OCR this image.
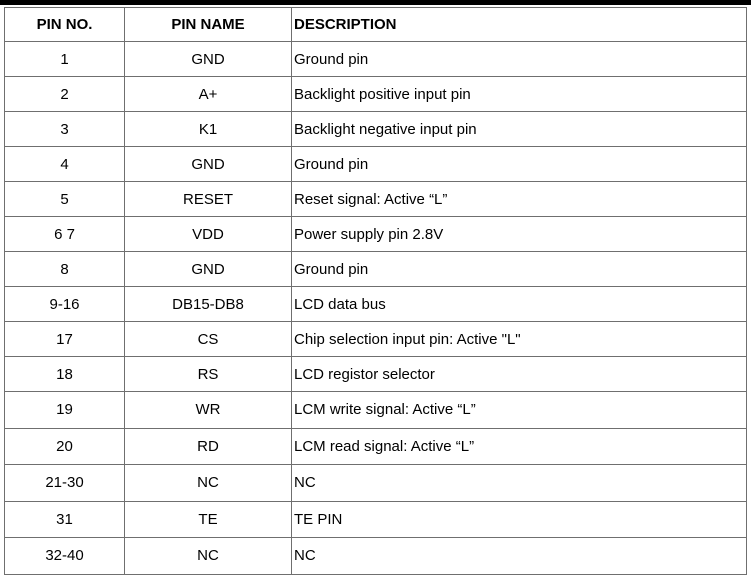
PIN NO.	PIN NAME	DESCRIPTION
1	GND	Ground pin
2	A+	Backlight positive input pin
3	K1	Backlight negative input pin
4	GND	Ground pin
5	RESET	Reset signal: Active “L”
6 7	VDD	Power supply pin 2.8V
8	GND	Ground pin
9-16	DB15-DB8	LCD data bus
17	CS	Chip selection input pin: Active "L"
18	RS	LCD registor selector
19	WR	LCM write signal: Active “L”
20	RD	LCM read signal: Active “L”
21-30	NC	NC
31	TE	TE PIN
32-40	NC	NC
